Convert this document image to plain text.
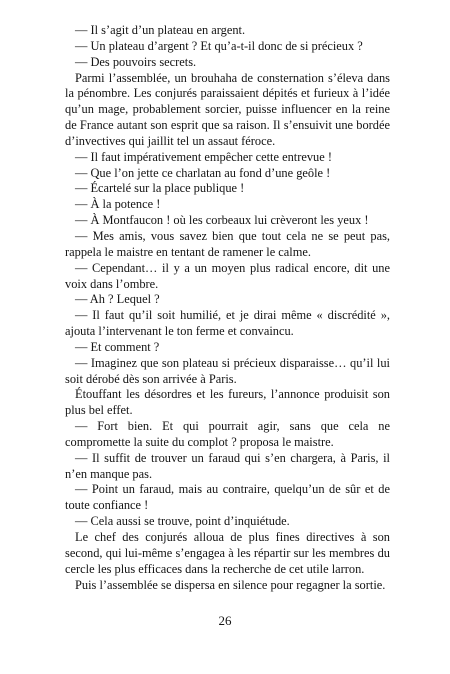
— Il s’agit d’un plateau en argent.

— Un plateau d’argent ? Et qu’a-t-il donc de si précieux ?

— Des pouvoirs secrets.

Parmi l’assemblée, un brouhaha de consternation s’éleva dans la pénombre. Les conjurés paraissaient dépités et furieux à l’idée qu’un mage, probablement sorcier, puisse influencer en la reine de France autant son esprit que sa raison. Il s’ensuivit une bordée d’invectives qui jaillit tel un assaut féroce.

— Il faut impérativement empêcher cette entrevue !

— Que l’on jette ce charlatan au fond d’une geôle !

— Écartelé sur la place publique !

— À la potence !

— À Montfaucon ! où les corbeaux lui crèveront les yeux !

— Mes amis, vous savez bien que tout cela ne se peut pas, rappela le maistre en tentant de ramener le calme.

— Cependant… il y a un moyen plus radical encore, dit une voix dans l’ombre.

— Ah ? Lequel ?

— Il faut qu’il soit humilié, et je dirai même « discrédité », ajouta l’intervenant le ton ferme et convaincu.

— Et comment ?

— Imaginez que son plateau si précieux disparaisse… qu’il lui soit dérobé dès son arrivée à Paris.

Étouffant les désordres et les fureurs, l’annonce produisit son plus bel effet.

— Fort bien. Et qui pourrait agir, sans que cela ne compromette la suite du complot ? proposa le maistre.

— Il suffit de trouver un faraud qui s’en chargera, à Paris, il n’en manque pas.

— Point un faraud, mais au contraire, quelqu’un de sûr et de toute confiance !

— Cela aussi se trouve, point d’inquiétude.

Le chef des conjurés alloua de plus fines directives à son second, qui lui-même s’engagea à les répartir sur les membres du cercle les plus efficaces dans la recherche de cet utile larron.

Puis l’assemblée se dispersa en silence pour regagner la sortie.

26
